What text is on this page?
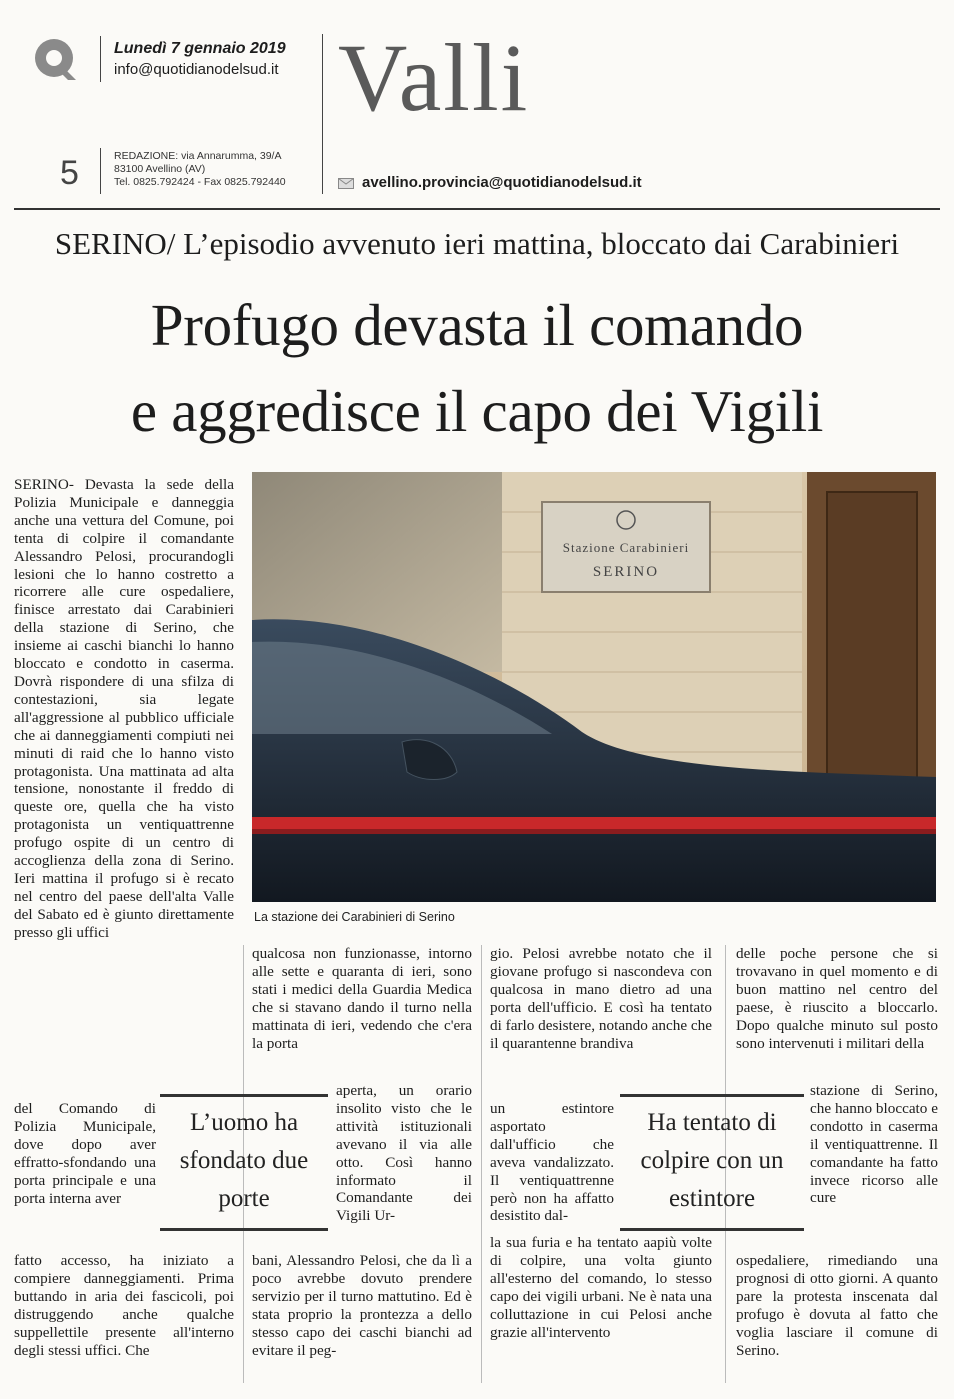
Lunedì 7 gennaio 2019
info@quotidianodelsud.it
5	REDAZIONE: via Annarumma, 39/A
83100 Avellino (AV)
Tel. 0825.792424 - Fax 0825.792440
Valli
avellino.provincia@quotidianodelsud.it
SERINO/ L’episodio avvenuto ieri mattina, bloccato dai Carabinieri
Profugo devasta il comando
e aggredisce il capo dei Vigili
Stazione Carabinieri
SERINO
La stazione dei Carabinieri di Serino

SERINO- Devasta la sede della Polizia Municipale e danneggia anche una vettura del Comune, poi tenta di colpire il comandante Alessandro Pelosi, procurandogli lesioni che lo hanno costretto a ricorrere alle cure ospedaliere, finisce arrestato dai Carabinieri della stazione di Serino, che insieme ai caschi bianchi lo hanno bloccato e condotto in caserma. Dovrà rispondere di una sfilza di contestazioni, sia legate all'aggressione al pubblico ufficiale che ai danneggiamenti compiuti nei minuti di raid che lo hanno visto protagonista. Una mattinata ad alta tensione, nonostante il freddo di queste ore, quella che ha visto protagonista un ventiquattrenne profugo ospite di un centro di accoglienza della zona di Serino. Ieri mattina il profugo si è recato nel centro del paese dell'alta Valle del Sabato ed è giunto direttamente presso gli uffici

del Comando di Polizia Municipale, dove dopo aver effratto-sfondando una porta principale e una porta interna aver

fatto accesso, ha iniziato a compiere danneggiamenti. Prima buttando in aria dei fascicoli, poi distruggendo anche qualche suppellettile presente all'interno degli stessi uffici. Che

qualcosa non funzionasse, intorno alle sette e quaranta di ieri, sono stati i medici della Guardia Medica che si stavano dando il turno nella mattinata di ieri, vedendo che c'era la porta

aperta, un orario insolito visto che le attività istituzionali avevano il via alle otto. Così hanno informato il Comandante dei Vigili Ur-

bani, Alessandro Pelosi, che da lì a poco avrebbe dovuto prendere servizio per il turno mattutino. Ed è stata proprio la prontezza a dello stesso capo dei caschi bianchi ad evitare il peg-

gio. Pelosi avrebbe notato che il giovane profugo si nascondeva con qualcosa in mano dietro ad una porta dell'ufficio. E così ha tentato di farlo desistere, notando anche che il quarantenne brandiva

un estintore asportato dall'ufficio che aveva vandalizzato. Il ventiquattrenne però non ha affatto desistito dal-

la sua furia e ha tentato aapiù volte di colpire, una volta giunto all'esterno del comando, lo stesso capo dei vigili urbani. Ne è nata una colluttazione in cui Pelosi anche grazie all'intervento

delle poche persone che si trovavano in quel momento e di buon mattino nel centro del paese, è riuscito a bloccarlo. Dopo qualche minuto sul posto sono intervenuti i militari della

stazione di Serino, che hanno bloccato e condotto in caserma il ventiquattrenne. Il comandante ha fatto invece ricorso alle cure

ospedaliere, rimediando una prognosi di otto giorni. A quanto pare la protesta inscenata dal profugo è dovuta al fatto che voglia lasciare il comune di Serino.

L’uomo ha sfondato due porte
Ha tentato di colpire con un estintore
